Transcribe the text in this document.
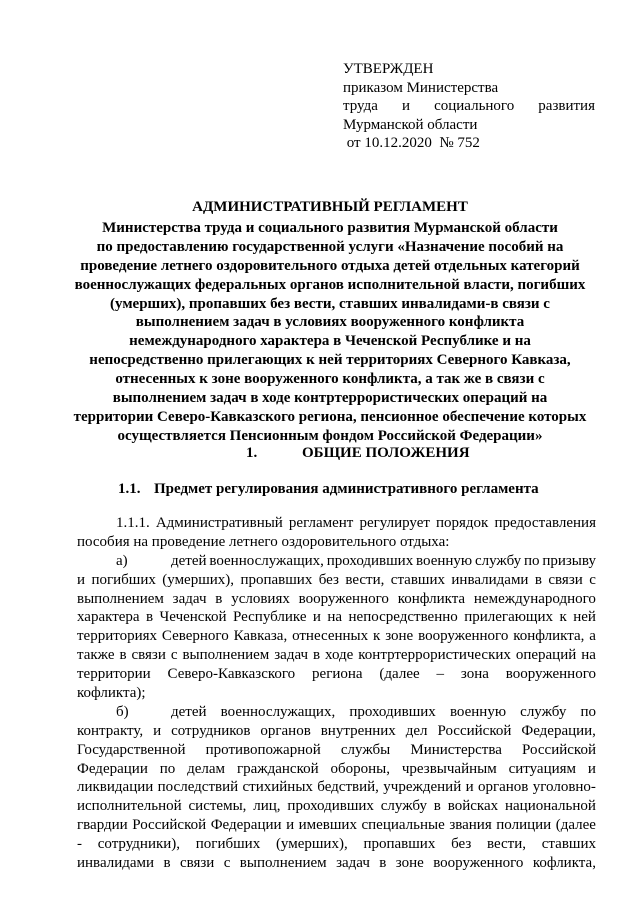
УТВЕРЖДЕН
приказом Министерства
труда и социального развития
Мурманской области
от 10.12.2020  № 752
АДМИНИСТРАТИВНЫЙ РЕГЛАМЕНТ
Министерства труда и социального развития Мурманской области
по предоставлению государственной услуги «Назначение пособий на
проведение летнего оздоровительного отдыха детей отдельных категорий
военнослужащих федеральных органов исполнительной власти, погибших
(умерших), пропавших без вести, ставших инвалидами-в связи с
выполнением задач в условиях вооруженного конфликта
немеждународного характера в Чеченской Республике и на
непосредственно прилегающих к ней территориях Северного Кавказа,
отнесенных к зоне вооруженного конфликта, а так же в связи с
выполнением задач в ходе контртеррористических операций на
территории Северо-Кавказского региона, пенсионное обеспечение которых
осуществляется Пенсионным фондом Российской Федерации»
1.	ОБЩИЕ ПОЛОЖЕНИЯ
1.1. Предмет регулирования административного регламента
1.1.1. Административный регламент регулирует порядок предоставления
пособия на проведение летнего оздоровительного отдыха:
а)	детей военнослужащих, проходивших военную службу по призыву
и погибших (умерших), пропавших без вести, ставших инвалидами в связи с
выполнением задач в условиях вооруженного конфликта немеждународного
характера в Чеченской Республике и на непосредственно прилегающих к ней
территориях Северного Кавказа, отнесенных к зоне вооруженного конфликта, а
также в связи с выполнением задач в ходе контртеррористических операций на
территории Северо-Кавказского региона (далее – зона вооруженного
кофликта);
б)	детей военнослужащих, проходивших военную службу по
контракту, и сотрудников органов внутренних дел Российской Федерации,
Государственной противопожарной службы Министерства Российской
Федерации по делам гражданской обороны, чрезвычайным ситуациям и
ликвидации последствий стихийных бедствий, учреждений и органов уголовно-
исполнительной системы, лиц, проходивших службу в войсках национальной
гвардии Российской Федерации и имевших специальные звания полиции (далее
- сотрудники), погибших (умерших), пропавших без вести, ставших
инвалидами в связи с выполнением задач в зоне вооруженного кофликта,
